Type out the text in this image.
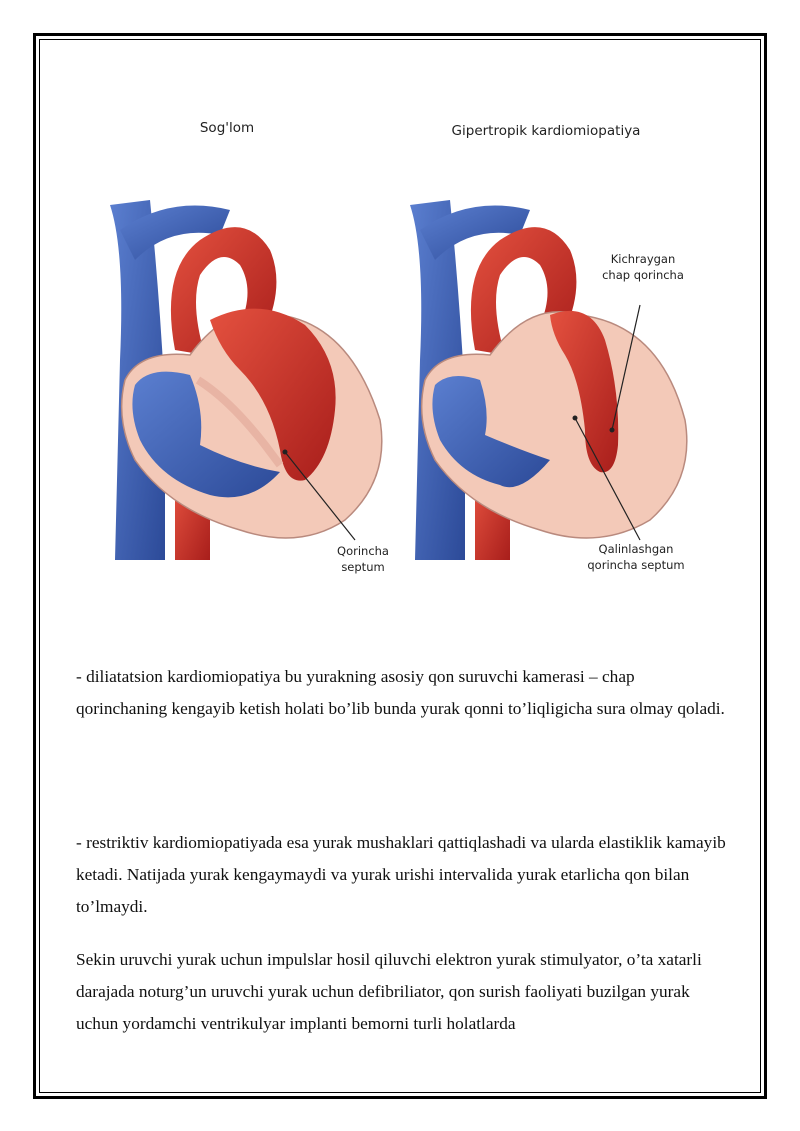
Sog'lom	Gipertropik kardiomiopatiya
Qorincha
septum
Kichraygan
chap qorincha
Qalinlashgan
qorincha septum

- diliatatsion kardiomiopatiya bu yurakning asosiy qon suruvchi kamerasi – chap qorinchaning kengayib ketish holati bo’lib bunda yurak qonni to’liqligicha sura olmay qoladi.

- restriktiv kardiomiopatiyada esa yurak mushaklari qattiqlashadi va ularda elastiklik kamayib ketadi. Natijada yurak kengaymaydi va yurak urishi intervalida yurak etarlicha qon bilan to’lmaydi.

Sekin uruvchi yurak uchun impulslar hosil qiluvchi elektron yurak stimulyator, o’ta xatarli darajada noturg’un uruvchi yurak uchun defibriliator, qon surish faoliyati buzilgan yurak uchun yordamchi ventrikulyar implanti bemorni turli holatlarda
